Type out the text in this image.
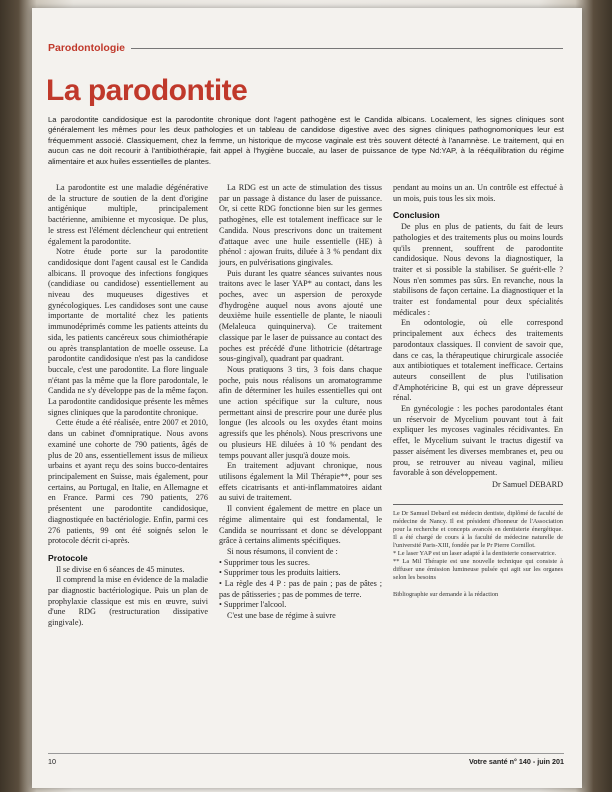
Parodontologie
La parodontite
La parodontite candidosique est la parodontite chronique dont l'agent pathogène est le Candida albicans. Localement, les signes cliniques sont généralement les mêmes pour les deux pathologies et un tableau de candidose digestive avec des signes cliniques pathognomoniques leur est fréquemment associé. Classiquement, chez la femme, un historique de mycose vaginale est très souvent détecté à l'anamnèse. Le traitement, qui en aucun cas ne doit recourir à l'antibiothérapie, fait appel à l'hygiène buccale, au laser de puissance de type Nd:YAP, à la rééquilibration du régime alimentaire et aux huiles essentielles de plantes.

La parodontite est une maladie dégénérative de la structure de soutien de la dent d'origine antigénique multiple, principalement bactérienne, amibienne et mycosique. De plus, le stress est l'élément déclencheur qui entretient également la parodontite.

Notre étude porte sur la parodontite candidosique dont l'agent causal est le Candida albicans. Il provoque des infections fongiques (candidiase ou candidose) essentiellement au niveau des muqueuses digestives et gynécologiques. Les candidoses sont une cause importante de mortalité chez les patients immunodéprimés comme les patients atteints du sida, les patients cancéreux sous chimiothérapie ou après transplantation de moelle osseuse. La parodontite candidosique n'est pas la candidose buccale, c'est une parodontite. La flore linguale n'étant pas la même que la flore parodontale, le Candida ne s'y développe pas de la même façon. La parodontite candidosique présente les mêmes signes cliniques que la parodontite chronique.

Cette étude a été réalisée, entre 2007 et 2010, dans un cabinet d'omnipratique. Nous avons examiné une cohorte de 790 patients, âgés de plus de 20 ans, essentiellement issus de milieux urbains et ayant reçu des soins bucco-dentaires principalement en Suisse, mais également, pour certains, au Portugal, en Italie, en Allemagne et en France. Parmi ces 790 patients, 276 présentent une parodontite candidosique, diagnostiquée en bactériologie. Enfin, parmi ces 276 patients, 99 ont été soignés selon le protocole décrit ci-après.

Protocole

Il se divise en 6 séances de 45 minutes.

Il comprend la mise en évidence de la maladie par diagnostic bactériologique. Puis un plan de prophylaxie classique est mis en œuvre, suivi d'une RDG (restructuration dissipative gingivale).

La RDG est un acte de stimulation des tissus par un passage à distance du laser de puissance. Or, si cette RDG fonctionne bien sur les germes pathogènes, elle est totalement inefficace sur le Candida. Nous prescrivons donc un traitement d'attaque avec une huile essentielle (HE) à phénol : ajowan fruits, diluée à 3 % pendant dix jours, en pulvérisations gingivales.

Puis durant les quatre séances suivantes nous traitons avec le laser YAP* au contact, dans les poches, avec un aspersion de peroxyde d'hydrogène auquel nous avons ajouté une deuxième huile essentielle de plante, le niaouli (Melaleuca quinquinerva). Ce traitement classique par le laser de puissance au contact des poches est précédé d'une lithotricie (détartrage sous-gingival), quadrant par quadrant.

Nous pratiquons 3 tirs, 3 fois dans chaque poche, puis nous réalisons un aromatogramme afin de déterminer les huiles essentielles qui ont une action spécifique sur la culture, nous permettant ainsi de prescrire pour une durée plus longue (les alcools ou les oxydes étant moins agressifs que les phénols). Nous prescrivons une ou plusieurs HE diluées à 10 % pendant des temps pouvant aller jusqu'à douze mois.

En traitement adjuvant chronique, nous utilisons également la Mil Thérapie**, pour ses effets cicatrisants et anti-inflammatoires aidant au suivi de traitement.

Il convient également de mettre en place un régime alimentaire qui est fondamental, le Candida se nourrissant et donc se développant grâce à certains aliments spécifiques.

Si nous résumons, il convient de :

• Supprimer tous les sucres.

• Supprimer tous les produits laitiers.

• La règle des 4 P : pas de pain ; pas de pâtes ; pas de pâtisseries ; pas de pommes de terre.

• Supprimer l'alcool.

C'est une base de régime à suivre

pendant au moins un an. Un contrôle est effectué à un mois, puis tous les six mois.

Conclusion

De plus en plus de patients, du fait de leurs pathologies et des traitements plus ou moins lourds qu'ils prennent, souffrent de parodontite candidosique. Nous devons la diagnostiquer, la traiter et si possible la stabiliser. Se guérit-elle ? Nous n'en sommes pas sûrs. En revanche, nous la stabilisons de façon certaine. La diagnostiquer et la traiter est fondamental pour deux spécialités médicales :

En odontologie, où elle correspond principalement aux échecs des traitements parodontaux classiques. Il convient de savoir que, dans ce cas, la thérapeutique chirurgicale associée aux antibiotiques et totalement inefficace. Certains auteurs conseillent de plus l'utilisation d'Amphotéricine B, qui est un grave dépresseur rénal.

En gynécologie : les poches parodontales étant un réservoir de Mycelium pouvant tout à fait expliquer les mycoses vaginales récidivantes. En effet, le Mycelium suivant le tractus digestif va passer aisément les diverses membranes et, peu ou prou, se retrouver au niveau vaginal, milieu favorable à son développement.

Dr Samuel DEBARD

Le Dr Samuel Debard est médecin dentiste, diplômé de faculté de médecine de Nancy. Il est président d'honneur de l'Association pour la recherche et concepts avancés en dentisterie énergétique. Il a été chargé de cours à la faculté de médecine naturelle de l'université Paris-XIII, fondée par le Pr Pierre Cornillot.

* Le laser YAP est un laser adapté à la dentisterie conservatrice.

** La Mil Thérapie est une nouvelle technique qui consiste à diffuser une émission lumineuse pulsée qui agit sur les organes selon les besoins

Bibliographie sur demande à la rédaction
10	Votre santé n° 140 - juin 201
